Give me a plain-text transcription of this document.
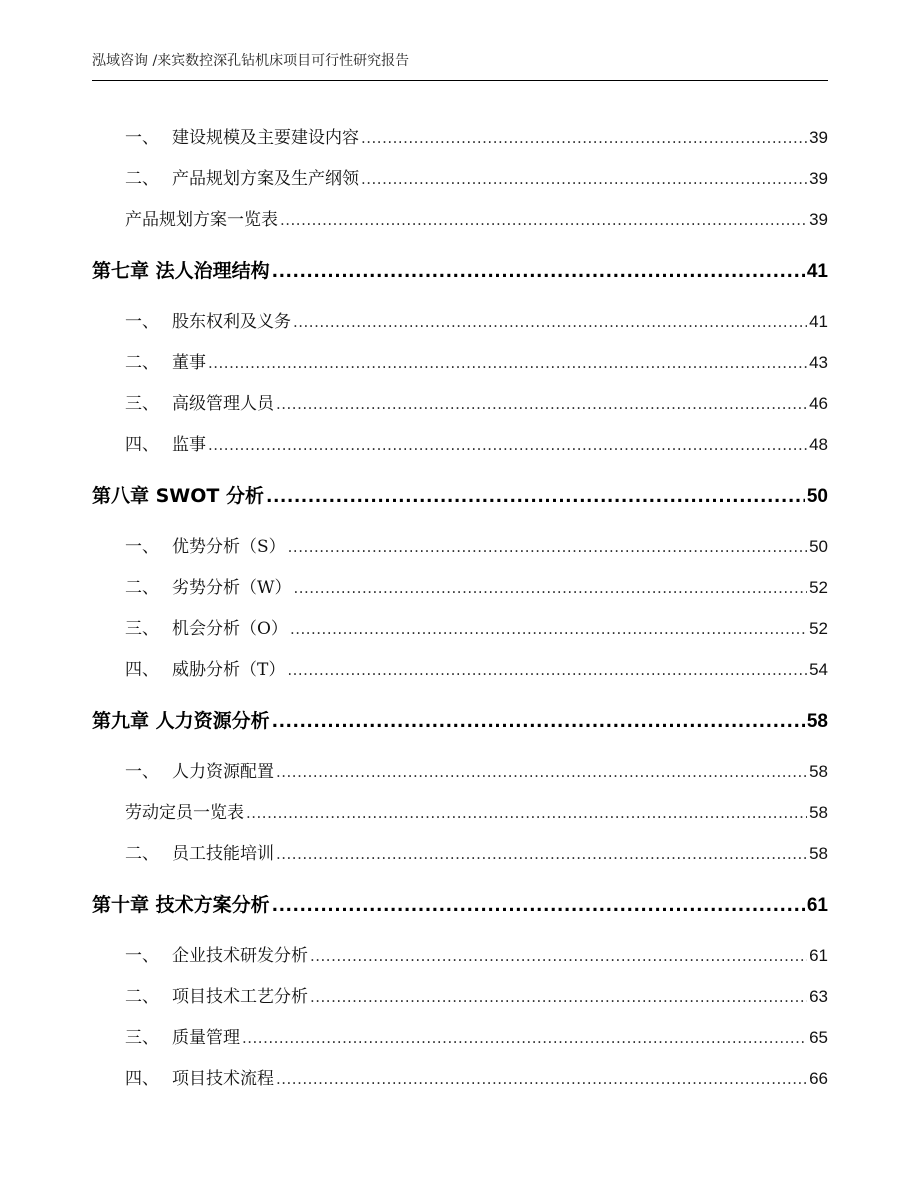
泓域咨询 /来宾数控深孔钻机床项目可行性研究报告
一、 建设规模及主要建设内容 .....	39
二、 产品规划方案及生产纲领 .....	39
产品规划方案一览表 .....	39
第七章 法人治理结构 .....	41
一、 股东权利及义务 .....	41
二、 董事 .....	43
三、 高级管理人员 .....	46
四、 监事 .....	48
第八章 SWOT 分析 .....	50
一、 优势分析（S） .....	50
二、 劣势分析（W） .....	52
三、 机会分析（O） .....	52
四、 威胁分析（T） .....	54
第九章 人力资源分析 .....	58
一、 人力资源配置 .....	58
劳动定员一览表 .....	58
二、 员工技能培训 .....	58
第十章 技术方案分析 .....	61
一、 企业技术研发分析 .....	61
二、 项目技术工艺分析 .....	63
三、 质量管理 .....	65
四、 项目技术流程 .....	66
